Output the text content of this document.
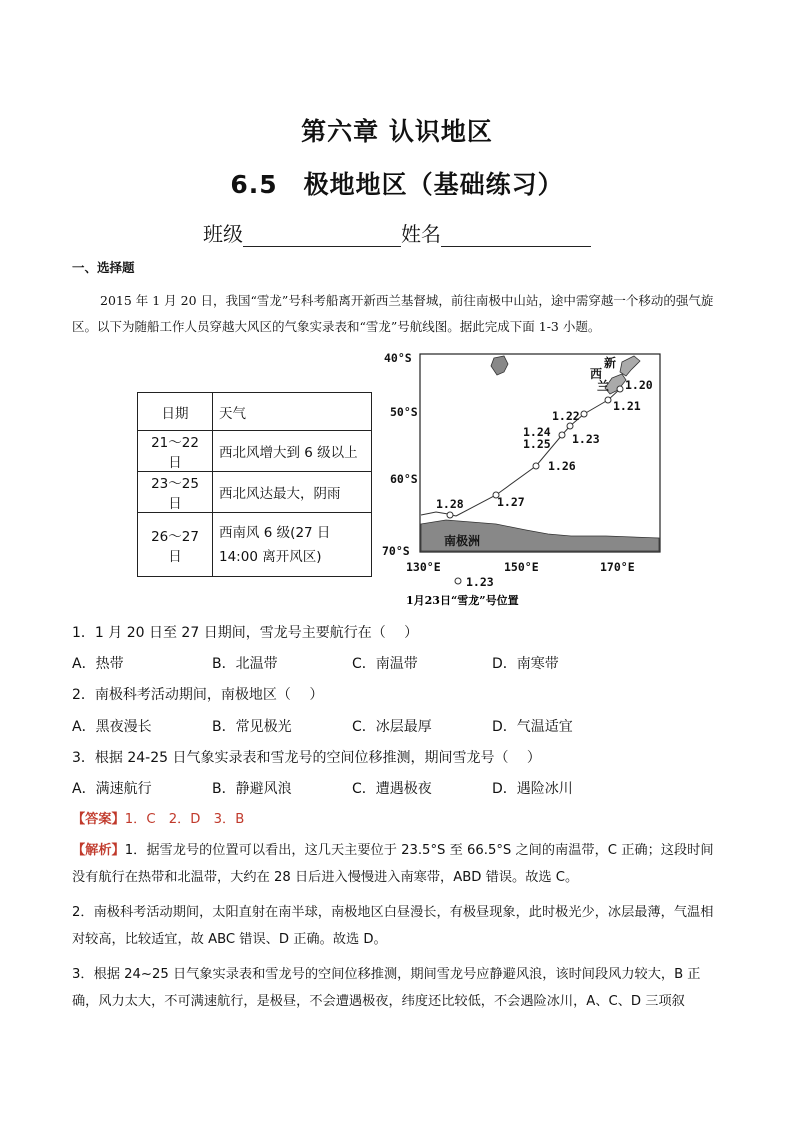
第六章 认识地区
6.5　极地地区（基础练习）
班级	姓名
一、选择题
2015 年 1 月 20 日，我国“雪龙”号科考船离开新西兰基督城，前往南极中山站，途中需穿越一个移动的强气旋区。以下为随船工作人员穿越大风区的气象实录表和“雪龙”号航线图。据此完成下面 1-3 小题。
日期	天气
21～22 日	西北风增大到 6 级以上
23～25 日	西北风达最大，阴雨
26～27 日	西南风 6 级(27 日 14:00 离开风区)
40°S
50°S
60°S
70°S
130°E	150°E	170°E
1.20
1.21
1.22
1.23
1.24
1.25
1.26
1.27
1.28
新
西
兰
南极洲
1.23
1月23日“雪龙”号位置
1．1 月 20 日至 27 日期间，雪龙号主要航行在（　 ）
A．热带	B．北温带	C．南温带	D．南寒带
2．南极科考活动期间，南极地区（　 ）
A．黑夜漫长	B．常见极光	C．冰层最厚	D．气温适宜
3．根据 24-25 日气象实录表和雪龙号的空间位移推测，期间雪龙号（　 ）
A．满速航行	B．静避风浪	C．遭遇极夜	D．遇险冰川
【答案】1．C　2．D　3．B
【解析】1．据雪龙号的位置可以看出，这几天主要位于 23.5°S 至 66.5°S 之间的南温带，C 正确；这段时间没有航行在热带和北温带，大约在 28 日后进入慢慢进入南寒带，ABD 错误。故选 C。
2．南极科考活动期间，太阳直射在南半球，南极地区白昼漫长，有极昼现象，此时极光少，冰层最薄，气温相对较高，比较适宜，故 ABC 错误、D 正确。故选 D。
3．根据 24~25 日气象实录表和雪龙号的空间位移推测，期间雪龙号应静避风浪，该时间段风力较大，B 正确，风力太大，不可满速航行，是极昼，不会遭遇极夜，纬度还比较低，不会遇险冰川，A、C、D 三项叙
